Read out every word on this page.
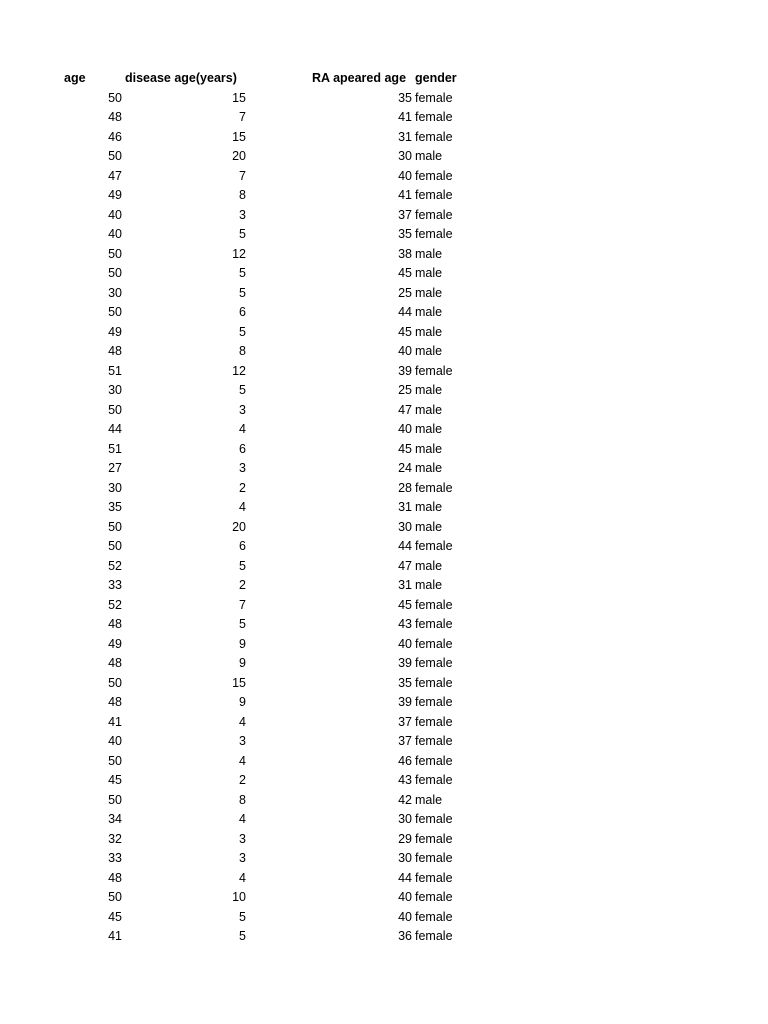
age	disease age(years)	RA apeared age gender
50	15	35 female
48	7	41 female
46	15	31 female
50	20	30 male
47	7	40 female
49	8	41 female
40	3	37 female
40	5	35 female
50	12	38 male
50	5	45 male
30	5	25 male
50	6	44 male
49	5	45 male
48	8	40 male
51	12	39 female
30	5	25 male
50	3	47 male
44	4	40 male
51	6	45 male
27	3	24 male
30	2	28 female
35	4	31 male
50	20	30 male
50	6	44 female
52	5	47 male
33	2	31 male
52	7	45 female
48	5	43 female
49	9	40 female
48	9	39 female
50	15	35 female
48	9	39 female
41	4	37 female
40	3	37 female
50	4	46 female
45	2	43 female
50	8	42 male
34	4	30 female
32	3	29 female
33	3	30 female
48	4	44 female
50	10	40 female
45	5	40 female
41	5	36 female
